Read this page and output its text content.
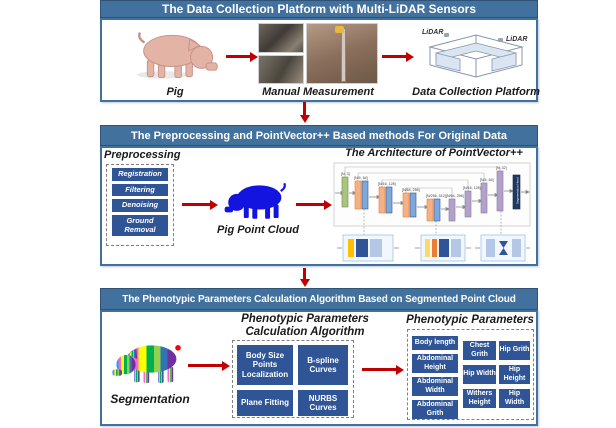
The Data Collection Platform with Multi-LiDAR Sensors
Pig	Manual Measurement
LiDAR
LiDAR
Data Collection Platform
The Preprocessing and PointVector++ Based methods For Original Data
Preprocessing
Registration
Filtering
Denoising
Ground Removal	Pig Point Cloud
The Architecture of PointVector++
Segmentation Head
[N, 3]
[N/4, 64]
[N/16, 128]
[N/64, 256]
[N/256, 512] [N/64, 256]
[N/16, 128]
[N/4, 64]
[N, 32]
The Phenotypic Parameters Calculation Algorithm Based on Segmented Point Cloud
Segmentation
Phenotypic Parameters
Calculation Algorithm
Body Size Points Localization
B-spline Curves
Plane Fitting
NURBS Curves
Phenotypic Parameters
Body length
Abdominal Height
Abdominal Width
Abdominal Grith
Chest Grith
Hip Width
Withers Height
Hip Grith
Hip Height
Hip Width
